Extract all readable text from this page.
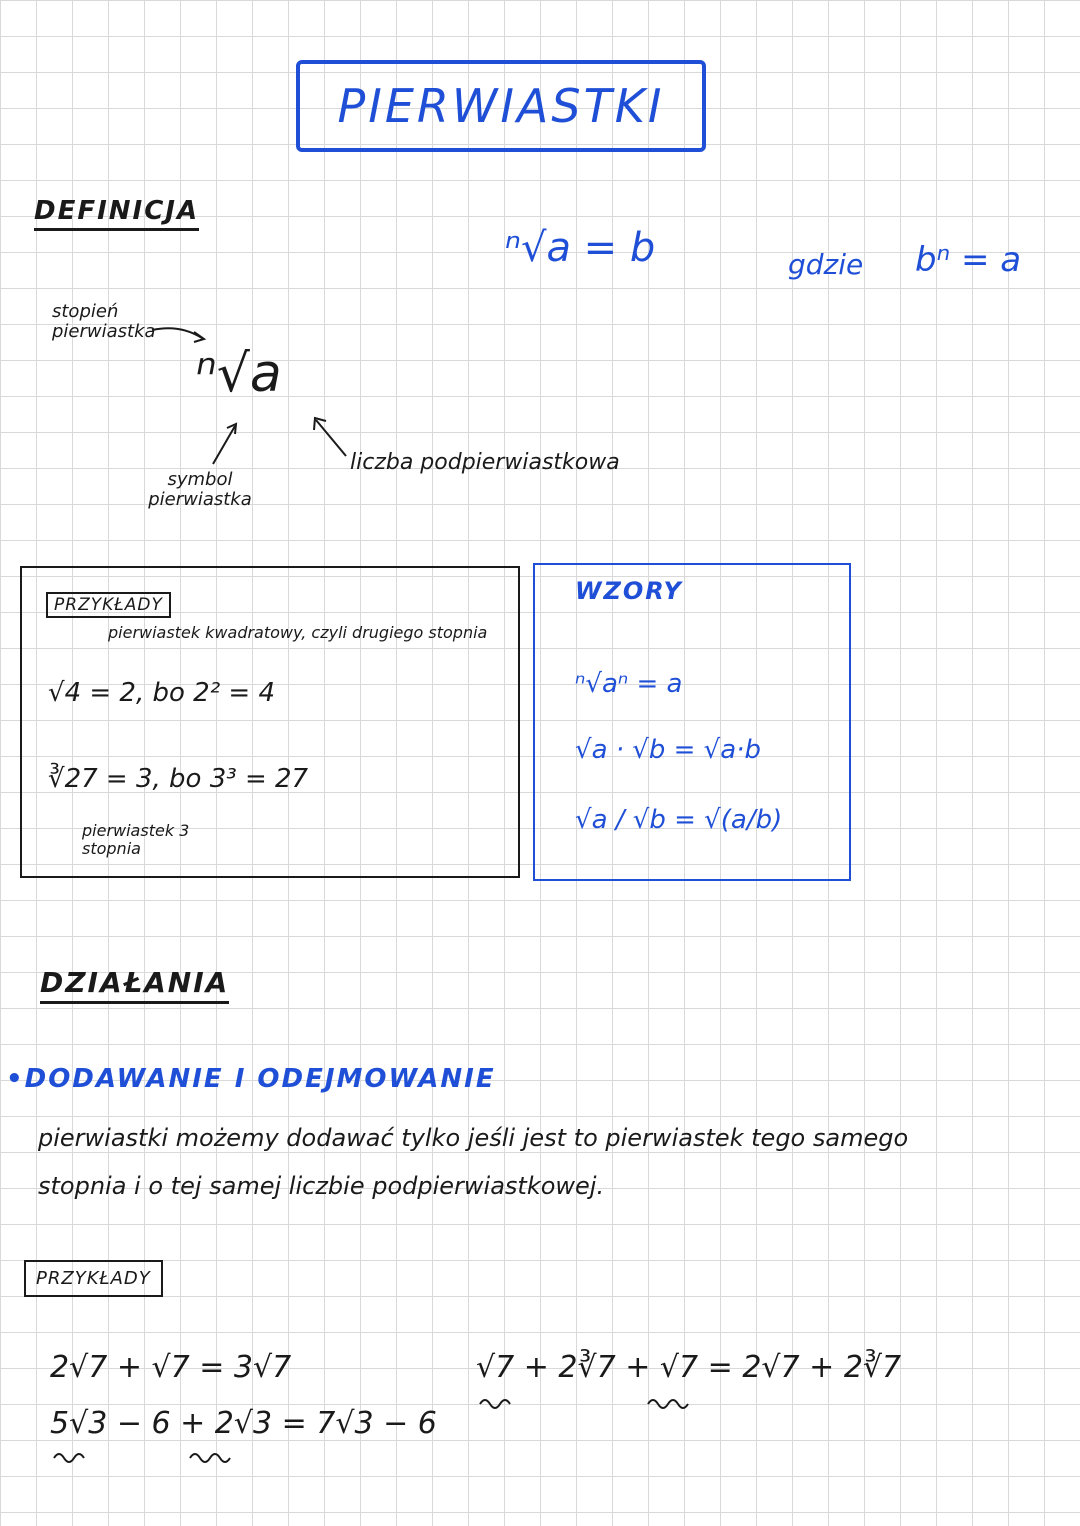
PIERWIASTKI
DEFINICJA
ⁿ√a = b	gdzie bⁿ = a
stopień pierwiastka
ⁿ√a
symbol pierwiastka
liczba podpierwiastkowa
PRZYKŁADY
pierwiastek kwadratowy, czyli drugiego stopnia
√4 = 2, bo 2² = 4
∛27 = 3, bo 3³ = 27
pierwiastek 3 stopnia
WZORY
ⁿ√aⁿ = a
√a · √b = √a·b
√a / √b = √(a/b)
DZIAŁANIA
•DODAWANIE I ODEJMOWANIE
pierwiastki możemy dodawać tylko jeśli jest to pierwiastek tego samego
stopnia i o tej samej liczbie podpierwiastkowej.
PRZYKŁADY
2√7 + √7 = 3√7
5√3 − 6 + 2√3 = 7√3 − 6
√7 + 2∛7 + √7 = 2√7 + 2∛7
